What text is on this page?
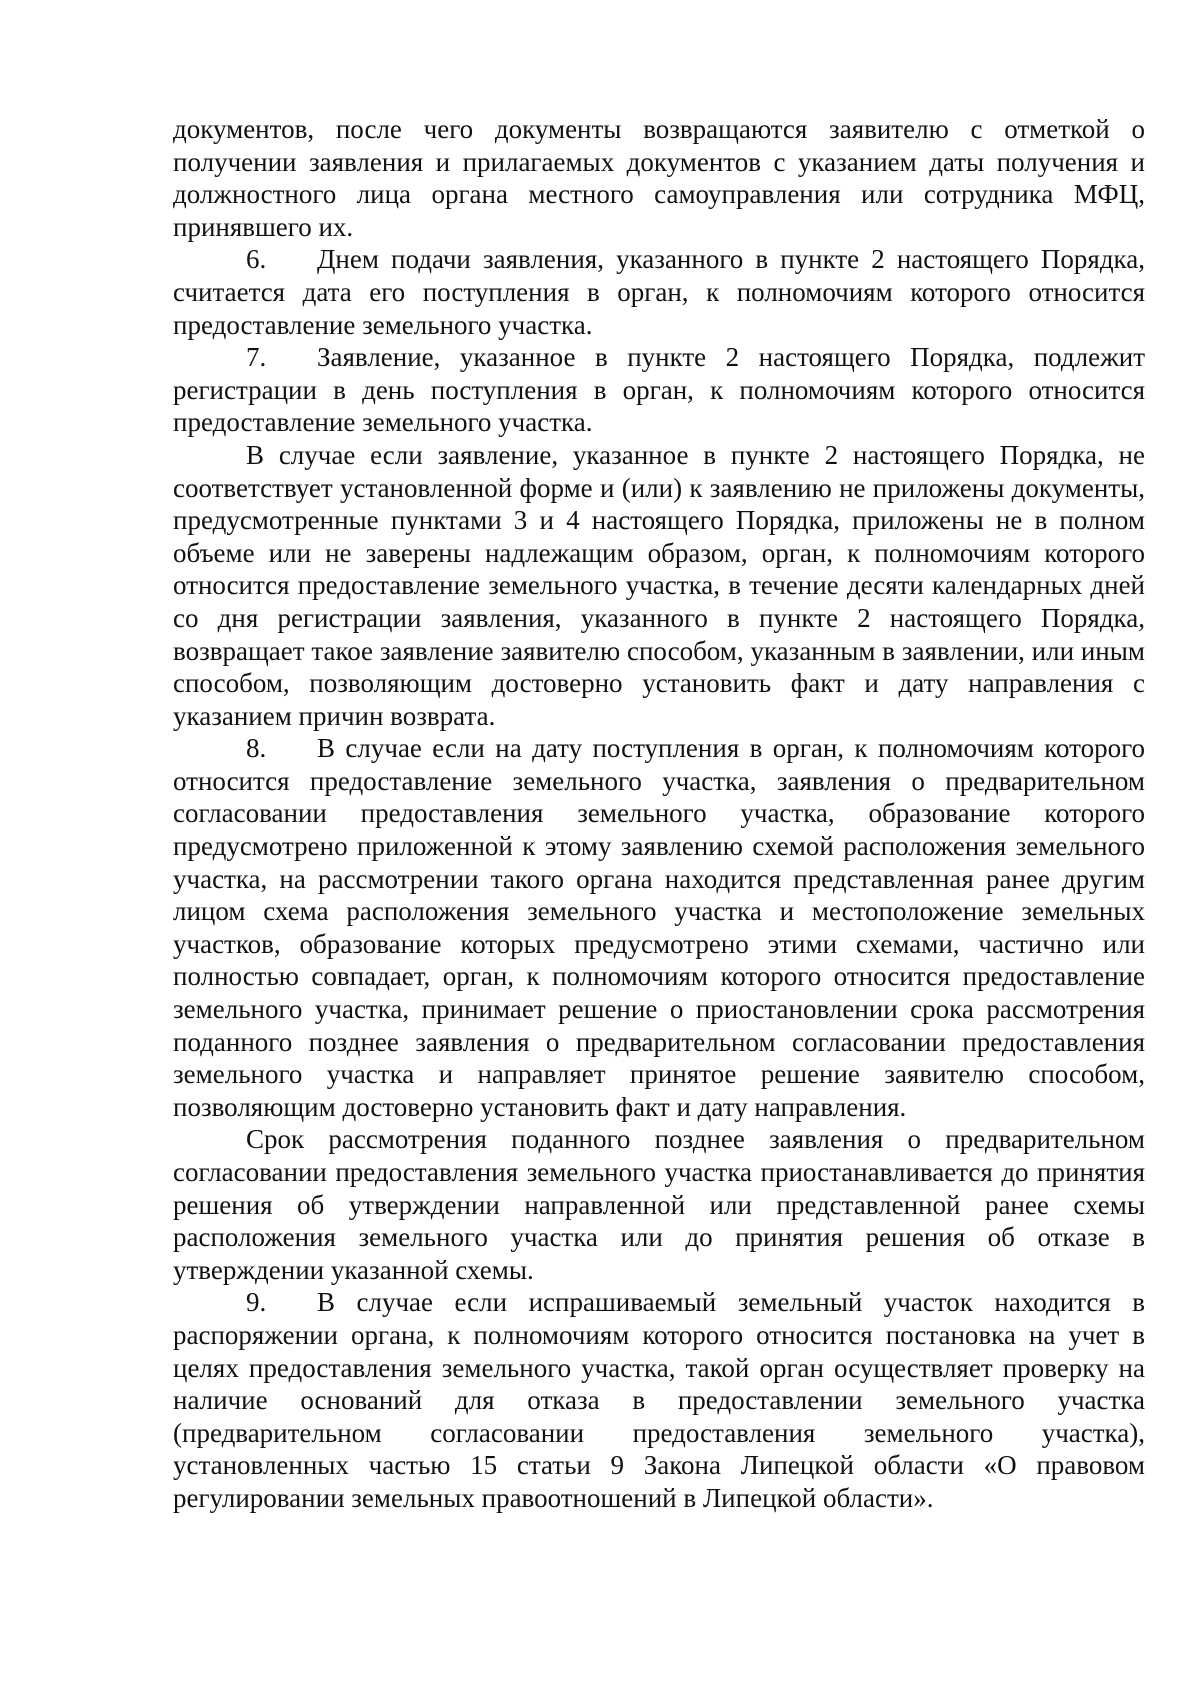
документов, после чего документы возвращаются заявителю с отметкой о получении заявления и прилагаемых документов с указанием даты получения и должностного лица органа местного самоуправления или сотрудника МФЦ, принявшего их.

6. Днем подачи заявления, указанного в пункте 2 настоящего Порядка, считается дата его поступления в орган, к полномочиям которого относится предоставление земельного участка.

7. Заявление, указанное в пункте 2 настоящего Порядка, подлежит регистрации в день поступления в орган, к полномочиям которого относится предоставление земельного участка.

В случае если заявление, указанное в пункте 2 настоящего Порядка, не соответствует установленной форме и (или) к заявлению не приложены документы, предусмотренные пунктами 3 и 4 настоящего Порядка, приложены не в полном объеме или не заверены надлежащим образом, орган, к полномочиям которого относится предоставление земельного участка, в течение десяти календарных дней со дня регистрации заявления, указанного в пункте 2 настоящего Порядка, возвращает такое заявление заявителю способом, указанным в заявлении, или иным способом, позволяющим достоверно установить факт и дату направления с указанием причин возврата.

8. В случае если на дату поступления в орган, к полномочиям которого относится предоставление земельного участка, заявления о предварительном согласовании предоставления земельного участка, образование которого предусмотрено приложенной к этому заявлению схемой расположения земельного участка, на рассмотрении такого органа находится представленная ранее другим лицом схема расположения земельного участка и местоположение земельных участков, образование которых предусмотрено этими схемами, частично или полностью совпадает, орган, к полномочиям которого относится предоставление земельного участка, принимает решение о приостановлении срока рассмотрения поданного позднее заявления о предварительном согласовании предоставления земельного участка и направляет принятое решение заявителю способом, позволяющим достоверно установить факт и дату направления.

Срок рассмотрения поданного позднее заявления о предварительном согласовании предоставления земельного участка приостанавливается до принятия решения об утверждении направленной или представленной ранее схемы расположения земельного участка или до принятия решения об отказе в утверждении указанной схемы.

9. В случае если испрашиваемый земельный участок находится в распоряжении органа, к полномочиям которого относится постановка на учет в целях предоставления земельного участка, такой орган осуществляет проверку на наличие оснований для отказа в предоставлении земельного участка (предварительном согласовании предоставления земельного участка), установленных частью 15 статьи 9 Закона Липецкой области «О правовом регулировании земельных правоотношений в Липецкой области».
